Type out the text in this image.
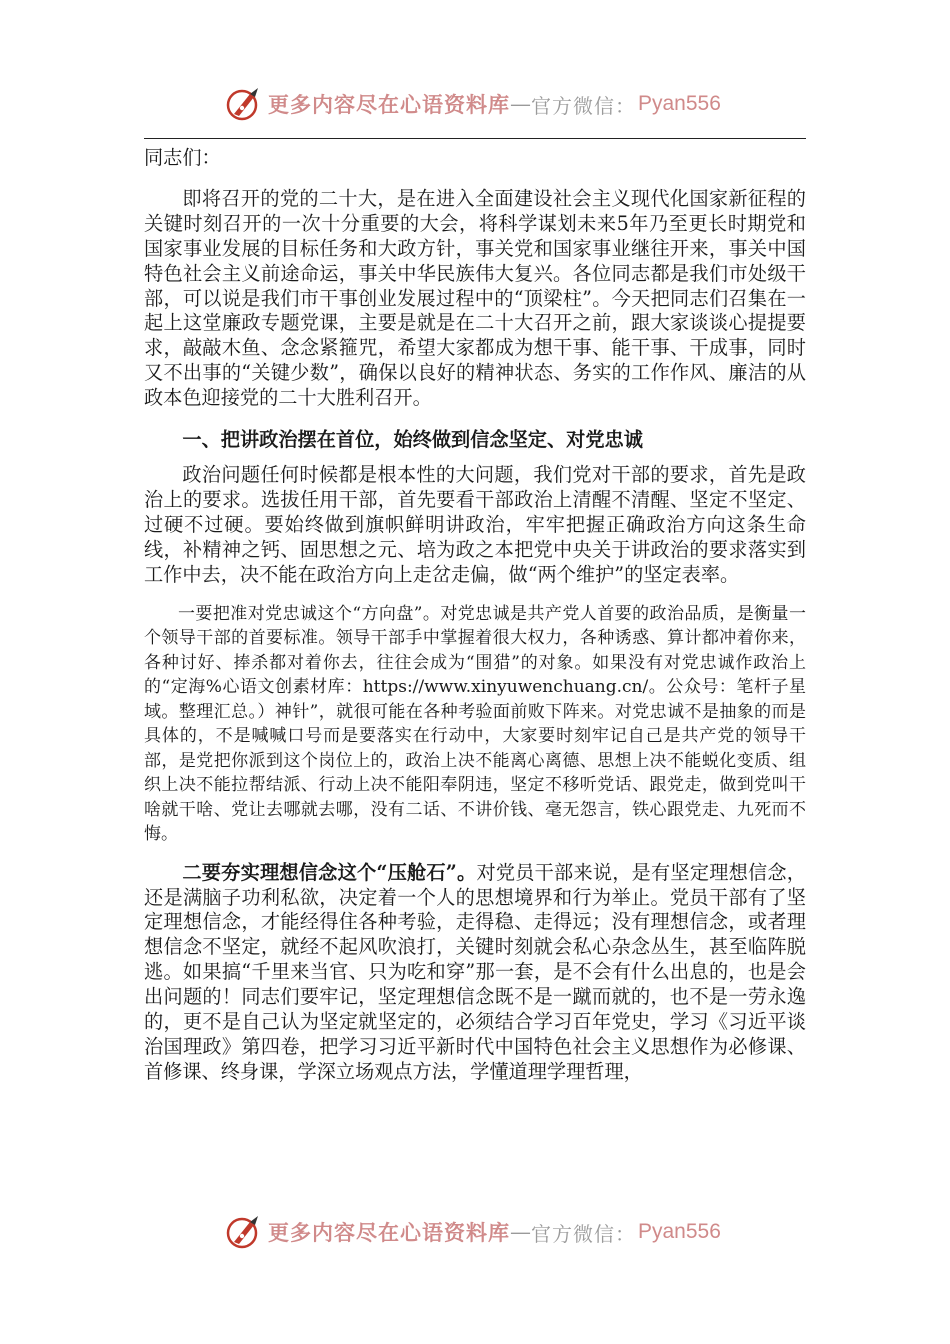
更多内容尽在心语资料库 — 官方微信： Pyan556

同志们：

即将召开的党的二十大，是在进入全面建设社会主义现代化国家新征程的关键时刻召开的一次十分重要的大会，将科学谋划未来5年乃至更长时期党和国家事业发展的目标任务和大政方针，事关党和国家事业继往开来，事关中国特色社会主义前途命运，事关中华民族伟大复兴。各位同志都是我们市处级干部，可以说是我们市干事创业发展过程中的“顶梁柱”。今天把同志们召集在一起上这堂廉政专题党课，主要是就是在二十大召开之前，跟大家谈谈心提提要求，敲敲木鱼、念念紧箍咒，希望大家都成为想干事、能干事、干成事，同时又不出事的“关键少数”，确保以良好的精神状态、务实的工作作风、廉洁的从政本色迎接党的二十大胜利召开。

一、把讲政治摆在首位，始终做到信念坚定、对党忠诚

政治问题任何时候都是根本性的大问题，我们党对干部的要求，首先是政治上的要求。选拔任用干部，首先要看干部政治上清醒不清醒、坚定不坚定、过硬不过硬。要始终做到旗帜鲜明讲政治，牢牢把握正确政治方向这条生命线，补精神之钙、固思想之元、培为政之本把党中央关于讲政治的要求落实到工作中去，决不能在政治方向上走岔走偏，做“两个维护”的坚定表率。

一要把准对党忠诚这个“方向盘”。对党忠诚是共产党人首要的政治品质，是衡量一个领导干部的首要标准。领导干部手中掌握着很大权力，各种诱惑、算计都冲着你来，各种讨好、捧杀都对着你去，往往会成为“围猎”的对象。如果没有对党忠诚作政治上的“定海%心语文创素材库：https://www.xinyuwenchuang.cn/。公众号：笔杆子星域。整理汇总。）神针”，就很可能在各种考验面前败下阵来。对党忠诚不是抽象的而是具体的，不是喊喊口号而是要落实在行动中，大家要时刻牢记自己是共产党的领导干部，是党把你派到这个岗位上的，政治上决不能离心离德、思想上决不能蜕化变质、组织上决不能拉帮结派、行动上决不能阳奉阴违，坚定不移听党话、跟党走，做到党叫干啥就干啥、党让去哪就去哪，没有二话、不讲价钱、毫无怨言，铁心跟党走、九死而不悔。

二要夯实理想信念这个“压舱石”。对党员干部来说，是有坚定理想信念，还是满脑子功利私欲，决定着一个人的思想境界和行为举止。党员干部有了坚定理想信念，才能经得住各种考验，走得稳、走得远；没有理想信念，或者理想信念不坚定，就经不起风吹浪打，关键时刻就会私心杂念丛生，甚至临阵脱逃。如果搞“千里来当官、只为吃和穿”那一套，是不会有什么出息的，也是会出问题的！同志们要牢记，坚定理想信念既不是一蹴而就的，也不是一劳永逸的，更不是自己认为坚定就坚定的，必须结合学习百年党史，学习《习近平谈治国理政》第四卷，把学习习近平新时代中国特色社会主义思想作为必修课、首修课、终身课，学深立场观点方法，学懂道理学理哲理，

更多内容尽在心语资料库 — 官方微信： Pyan556
